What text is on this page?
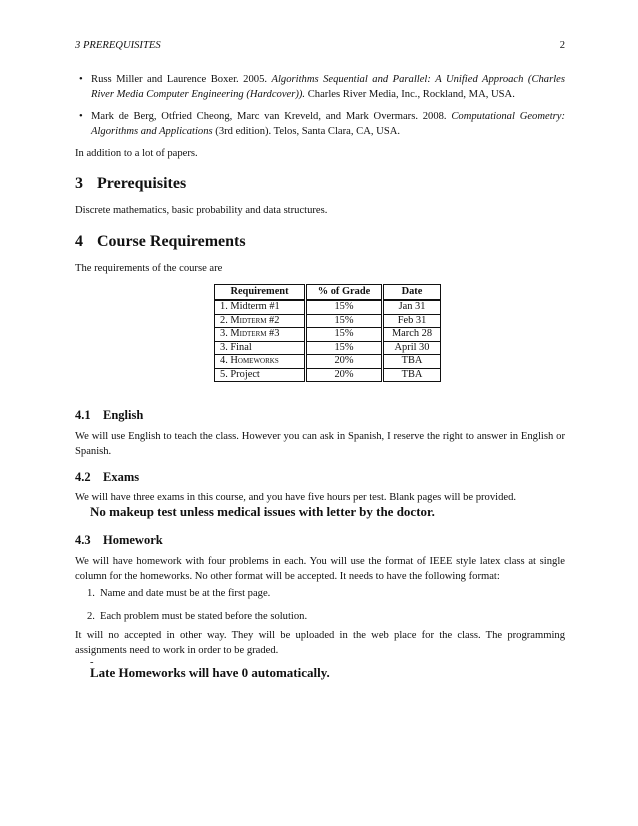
3 PREREQUISITES	2
• Russ Miller and Laurence Boxer. 2005. Algorithms Sequential and Parallel: A Unified Approach (Charles River Media Computer Engineering (Hardcover)). Charles River Media, Inc., Rockland, MA, USA.
• Mark de Berg, Otfried Cheong, Marc van Kreveld, and Mark Overmars. 2008. Computational Geometry: Algorithms and Applications (3rd edition). Telos, Santa Clara, CA, USA.

In addition to a lot of papers.

3 Prerequisites

Discrete mathematics, basic probability and data structures.

4 Course Requirements

The requirements of the course are

Requirement	% of Grade	Date
1. Midterm #1	15%	Jan 31
2. Midterm #2	15%	Feb 31
3. Midterm #3	15%	March 28
3. Final	15%	April 30
4. Homeworks	20%	TBA
5. Project	20%	TBA
4.1 English

We will use English to teach the class. However you can ask in Spanish, I reserve the right to answer in English or Spanish.

4.2 Exams

We will have three exams in this course, and you have five hours per test. Blank pages will be provided.

No makeup test unless medical issues with letter by the doctor.

4.3 Homework

We will have homework with four problems in each. You will use the format of IEEE style latex class at single column for the homeworks. No other format will be accepted. It needs to have the following format:

1. Name and date must be at the first page.
2. Each problem must be stated before the solution.

It will no accepted in other way. They will be uploaded in the web place for the class. The programming assignments need to work in order to be graded.

-

Late Homeworks will have 0 automatically.
